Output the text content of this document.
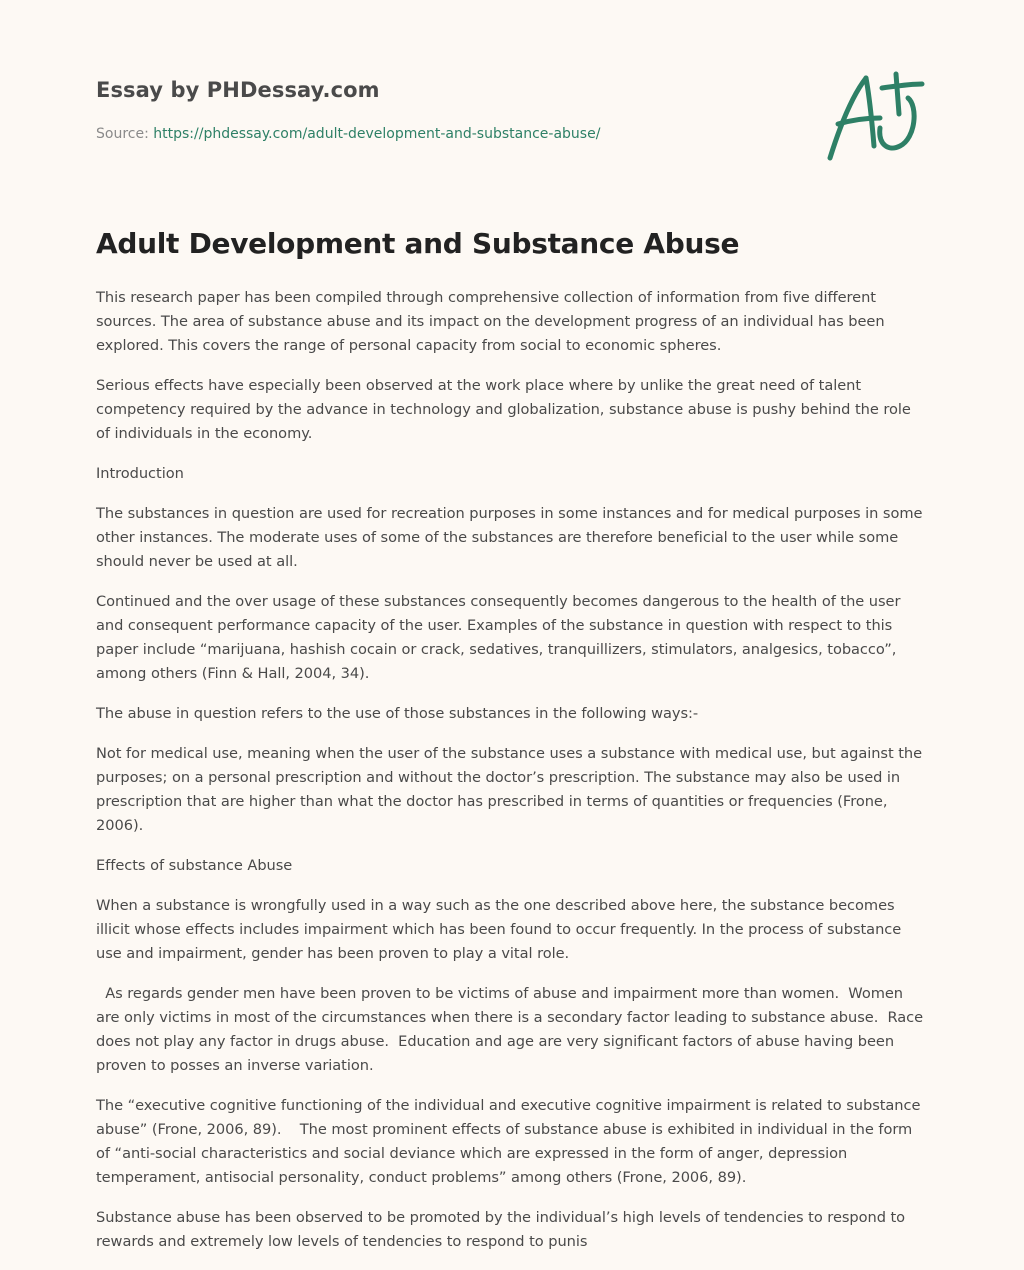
Essay by PHDessay.com
Source: https://phdessay.com/adult-development-and-substance-abuse/
Adult Development and Substance Abuse

This research paper has been compiled through comprehensive collection of information from five different sources. The area of substance abuse and its impact on the development progress of an individual has been explored. This covers the range of personal capacity from social to economic spheres.

Serious effects have especially been observed at the work place where by unlike the great need of talent competency required by the advance in technology and globalization, substance abuse is pushy behind the role of individuals in the economy.

Introduction

The substances in question are used for recreation purposes in some instances and for medical purposes in some other instances. The moderate uses of some of the substances are therefore beneficial to the user while some should never be used at all.

Continued and the over usage of these substances consequently becomes dangerous to the health of the user and consequent performance capacity of the user. Examples of the substance in question with respect to this paper include “marijuana, hashish cocain or crack, sedatives, tranquillizers, stimulators, analgesics, tobacco”, among others (Finn & Hall, 2004, 34).

The abuse in question refers to the use of those substances in the following ways:-

Not for medical use, meaning when the user of the substance uses a substance with medical use, but against the purposes; on a personal prescription and without the doctor’s prescription. The substance may also be used in prescription that are higher than what the doctor has prescribed in terms of quantities or frequencies (Frone, 2006).

Effects of substance Abuse

When a substance is wrongfully used in a way such as the one described above here, the substance becomes illicit whose effects includes impairment which has been found to occur frequently. In the process of substance use and impairment, gender has been proven to play a vital role.

As regards gender men have been proven to be victims of abuse and impairment more than women.  Women are only victims in most of the circumstances when there is a secondary factor leading to substance abuse.  Race does not play any factor in drugs abuse.  Education and age are very significant factors of abuse having been proven to posses an inverse variation.

The “executive cognitive functioning of the individual and executive cognitive impairment is related to substance abuse” (Frone, 2006, 89).    The most prominent effects of substance abuse is exhibited in individual in the form of “anti-social characteristics and social deviance which are expressed in the form of anger, depression temperament, antisocial personality, conduct problems” among others (Frone, 2006, 89).

Substance abuse has been observed to be promoted by the individual’s high levels of tendencies to respond to rewards and extremely low levels of tendencies to respond to punis
